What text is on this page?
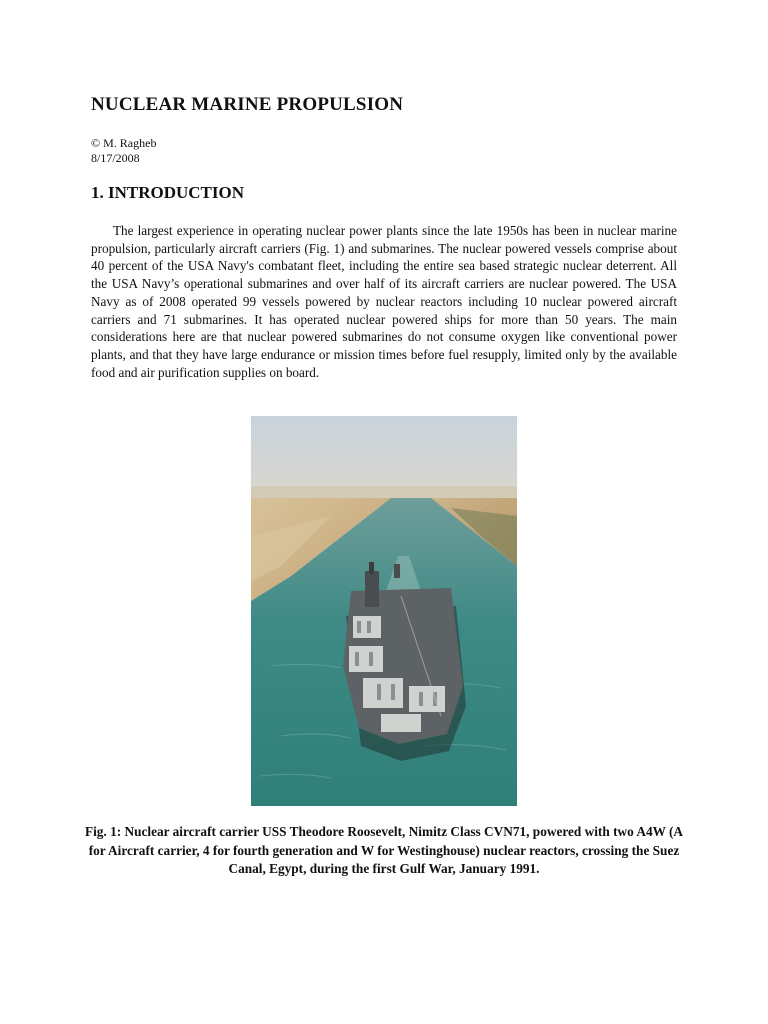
NUCLEAR MARINE PROPULSION
© M. Ragheb
8/17/2008
1. INTRODUCTION

The largest experience in operating nuclear power plants since the late 1950s has been in nuclear marine propulsion, particularly aircraft carriers (Fig. 1) and submarines. The nuclear powered vessels comprise about 40 percent of the USA Navy's combatant fleet, including the entire sea based strategic nuclear deterrent. All the USA Navy’s operational submarines and over half of its aircraft carriers are nuclear powered. The USA Navy as of 2008 operated 99 vessels powered by nuclear reactors including 10 nuclear powered aircraft carriers and 71 submarines. It has operated nuclear powered ships for more than 50 years. The main considerations here are that nuclear powered submarines do not consume oxygen like conventional power plants, and that they have large endurance or mission times before fuel resupply, limited only by the available food and air purification supplies on board.

Fig. 1: Nuclear aircraft carrier USS Theodore Roosevelt, Nimitz Class CVN71, powered with two A4W (A for Aircraft carrier, 4 for fourth generation and W for Westinghouse) nuclear reactors, crossing the Suez Canal, Egypt, during the first Gulf War, January 1991.
